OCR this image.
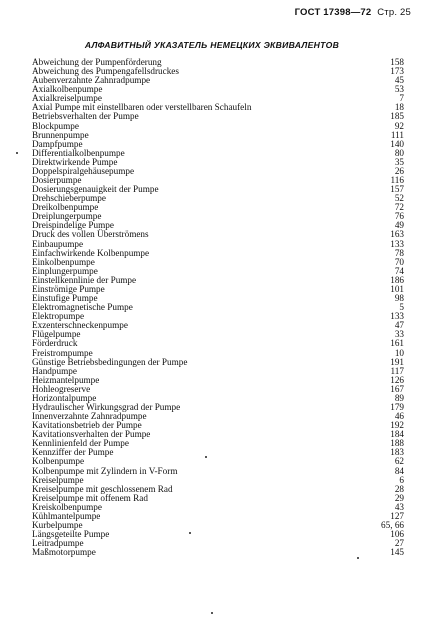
ГОСТ 17398—72 Стр. 25
АЛФАВИТНЫЙ УКАЗАТЕЛЬ НЕМЕЦКИХ ЭКВИВАЛЕНТОВ
Abweichung der Pumpenförderung	158
Abweichung des Pumpengafellsdruckes	173
Aubenverzahnte Zahnradpumpe	45
Axialkolbenpumpe	53
Axialkreiselpumpe	7
Axial Pumpe mit einstellbaren oder verstellbaren Schaufeln	18
Betriebsverhalten der Pumpe	185
Blockpumpe	92
Brunnenpumpe	111
Dampfpumpe	140
Differentialkolbenpumpe	80
Direktwirkende Pumpe	35
Doppelspiralgehäusepumpe	26
Dosierpumpe	116
Dosierungsgenauigkeit der Pumpe	157
Drehschieberpumpe	52
Dreikolbenpumpe	72
Dreiplungerpumpe	76
Dreispindelige Pumpe	49
Druck des vollen Überströmens	163
Einbaupumpe	133
Einfachwirkende Kolbenpumpe	78
Einkolbenpumpe	70
Einplungerpumpe	74
Einstellkennlinie der Pumpe	186
Einströmige Pumpe	101
Einstufige Pumpe	98
Elektromagnetische Pumpe	5
Elektropumpe	133
Exzenterschneckenpumpe	47
Flügelpumpe	33
Förderdruck	161
Freistrompumpe	10
Günstige Betriebsbedingungen der Pumpe	191
Handpumpe	117
Heizmantelpumpe	126
Hohleogreserve	167
Horizontalpumpe	89
Hydraulischer Wirkungsgrad der Pumpe	179
Innenverzahnte Zahnradpumpe	46
Kavitationsbetrieb der Pumpe	192
Kavitationsverhalten der Pumpe	184
Kennlinienfeld der Pumpe	188
Kennziffer der Pumpe	183
Kolbenpumpe	62
Kolbenpumpe mit Zylindern in V-Form	84
Kreiselpumpe	6
Kreiselpumpe mit geschlossenem Rad	28
Kreiselpumpe mit offenem Rad	29
Kreiskolbenpumpe	43
Kühlmantelpumpe	127
Kurbelpumpe	65, 66
Längsgeteilte Pumpe	106
Leitradpumpe	27
Maßmotorpumpe	145
